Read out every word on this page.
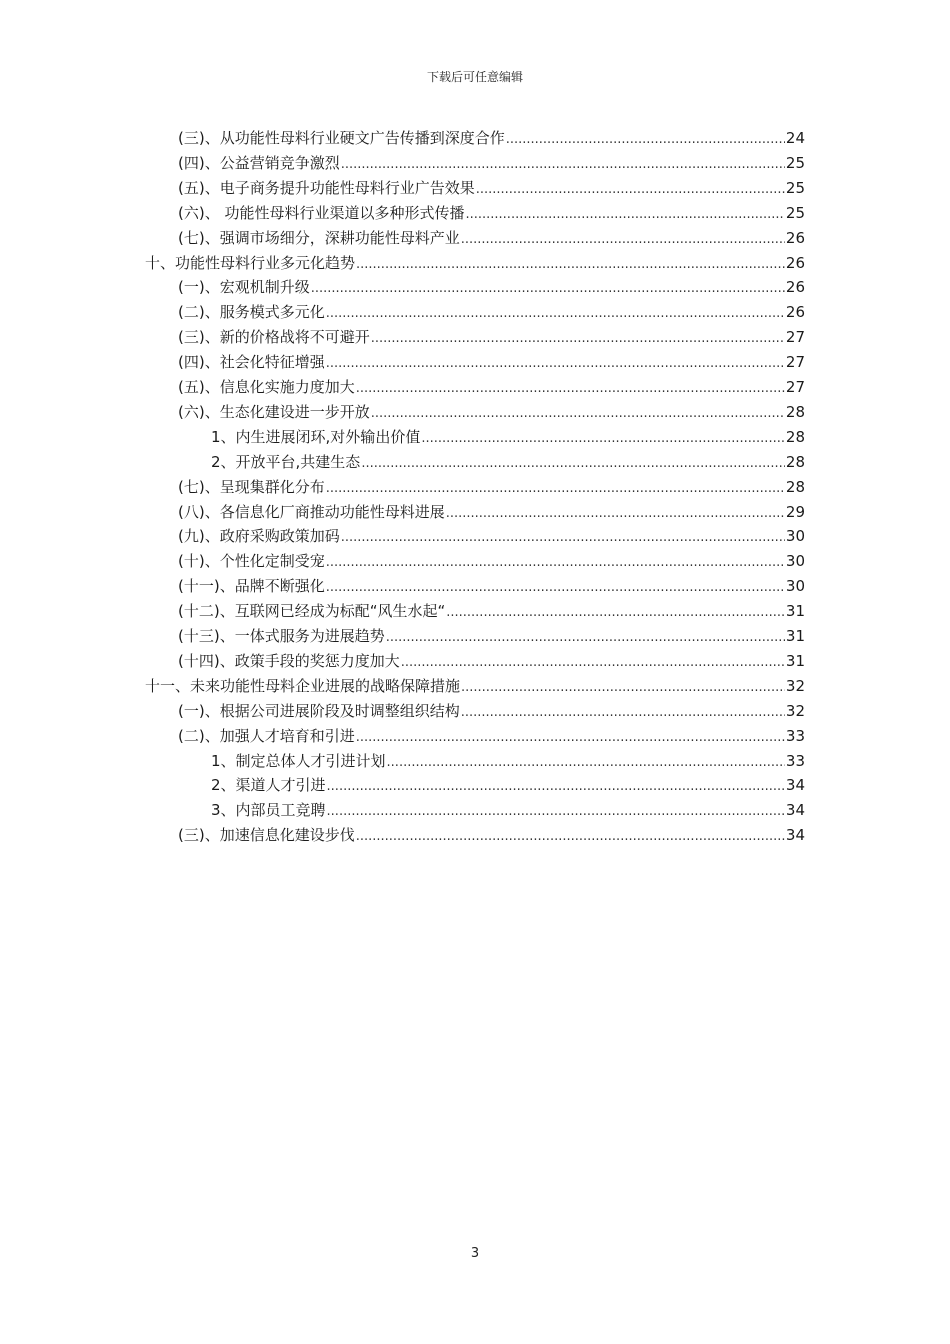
下载后可任意编辑
(三)、从功能性母料行业硬文广告传播到深度合作 .....	24
(四)、公益营销竞争激烈 .....	25
(五)、电子商务提升功能性母料行业广告效果 .....	25
(六)、 功能性母料行业渠道以多种形式传播 .....	25
(七)、强调市场细分，深耕功能性母料产业 .....	26
十、功能性母料行业多元化趋势 .....	26
(一)、宏观机制升级 .....	26
(二)、服务模式多元化 .....	26
(三)、新的价格战将不可避开 .....	27
(四)、社会化特征增强 .....	27
(五)、信息化实施力度加大 .....	27
(六)、生态化建设进一步开放 .....	28
1、内生进展闭环,对外输出价值 .....	28
2、开放平台,共建生态 .....	28
(七)、呈现集群化分布 .....	28
(八)、各信息化厂商推动功能性母料进展 .....	29
(九)、政府采购政策加码 .....	30
(十)、个性化定制受宠 .....	30
(十一)、品牌不断强化 .....	30
(十二)、互联网已经成为标配“风生水起“ .....	31
(十三)、一体式服务为进展趋势 .....	31
(十四)、政策手段的奖惩力度加大 .....	31
十一、未来功能性母料企业进展的战略保障措施 .....	32
(一)、根据公司进展阶段及时调整组织结构 .....	32
(二)、加强人才培育和引进 .....	33
1、制定总体人才引进计划 .....	33
2、渠道人才引进 .....	34
3、内部员工竞聘 .....	34
(三)、加速信息化建设步伐 .....	34
3
